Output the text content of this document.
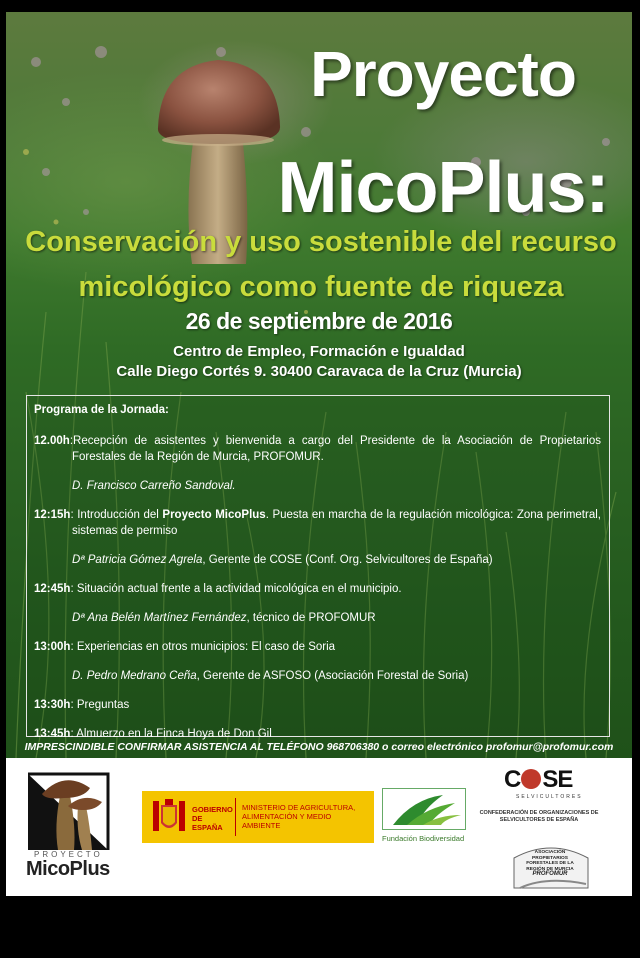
Proyecto
MicoPlus:
Conservación y uso sostenible del recurso micológico como fuente de riqueza
26 de septiembre de 2016
Centro de Empleo, Formación e Igualdad
Calle Diego Cortés 9. 30400 Caravaca de la Cruz (Murcia)

Programa de la Jornada:

12.00h:Recepción de asistentes y bienvenida a cargo del Presidente de la Asociación de Propietarios Forestales de la Región de Murcia, PROFOMUR.

D. Francisco Carreño Sandoval.

12:15h: Introducción del Proyecto MicoPlus. Puesta en marcha de la regulación micológica: Zona perimetral, sistemas de permiso

Dª Patricia Gómez Agrela, Gerente de COSE (Conf. Org. Selvicultores de España)

12:45h: Situación actual frente a la actividad micológica en el municipio.

Dª Ana Belén Martínez Fernández, técnico de PROFOMUR

13:00h: Experiencias en otros municipios: El caso de Soria

D. Pedro Medrano Ceña, Gerente de ASFOSO (Asociación Forestal de Soria)

13:30h: Preguntas

13:45h: Almuerzo en la Finca Hoya de Don Gil

IMPRESCINDIBLE CONFIRMAR ASISTENCIA AL TELÉFONO 968706380 o correo electrónico profomur@profomur.com
PROYECTO
MicoPlus
GOBIERNO DE ESPAÑA
MINISTERIO DE AGRICULTURA, ALIMENTACIÓN Y MEDIO AMBIENTE
Fundación Biodiversidad
C SE
SELVICULTORES
CONFEDERACIÓN DE ORGANIZACIONES DE SELVICULTORES DE ESPAÑA
ASOCIACIÓN PROPIETARIOS FORESTALES DE LA REGIÓN DE MURCIA
PROFOMUR
